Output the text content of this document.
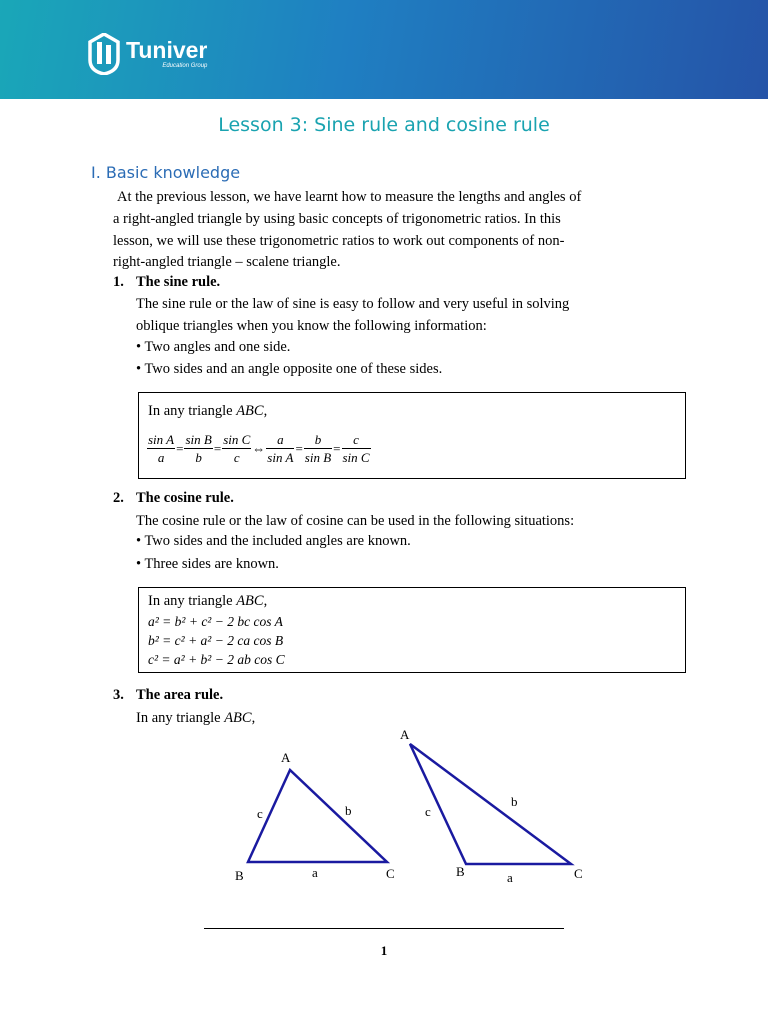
Tuniver
Education Group
Lesson 3: Sine rule and cosine rule
I. Basic knowledge
At the previous lesson, we have learnt how to measure the lengths and angles of
a right-angled triangle by using basic concepts of trigonometric ratios. In this
lesson, we will use these trigonometric ratios to work out components of non-
right-angled triangle – scalene triangle.
1. The sine rule.
The sine rule or the law of sine is easy to follow and very useful in solving
oblique triangles when you know the following information:
• Two angles and one side.
• Two sides and an angle opposite one of these sides.
In any triangle ABC,
$\frac{\text{sin A}}{a} = \frac{\text{sin B}}{b} = \frac{\text{sin C}}{c}$ ⇔ $\frac{a}{\text{sin A}} = \frac{b}{\text{sin B}} = \frac{c}{\text{sin C}}$
2. The cosine rule.
The cosine rule or the law of cosine can be used in the following situations:
• Two sides and the included angles are known.
• Three sides are known.
In any triangle ABC,
a² = b² + c² − 2 bc cos A
b² = c² + a² − 2 ca cos B
c² = a² + b² − 2 ab cos C
3. The area rule.
In any triangle ABC,
A
B	C
a
b
c
A
B	C
a
b
c
1
